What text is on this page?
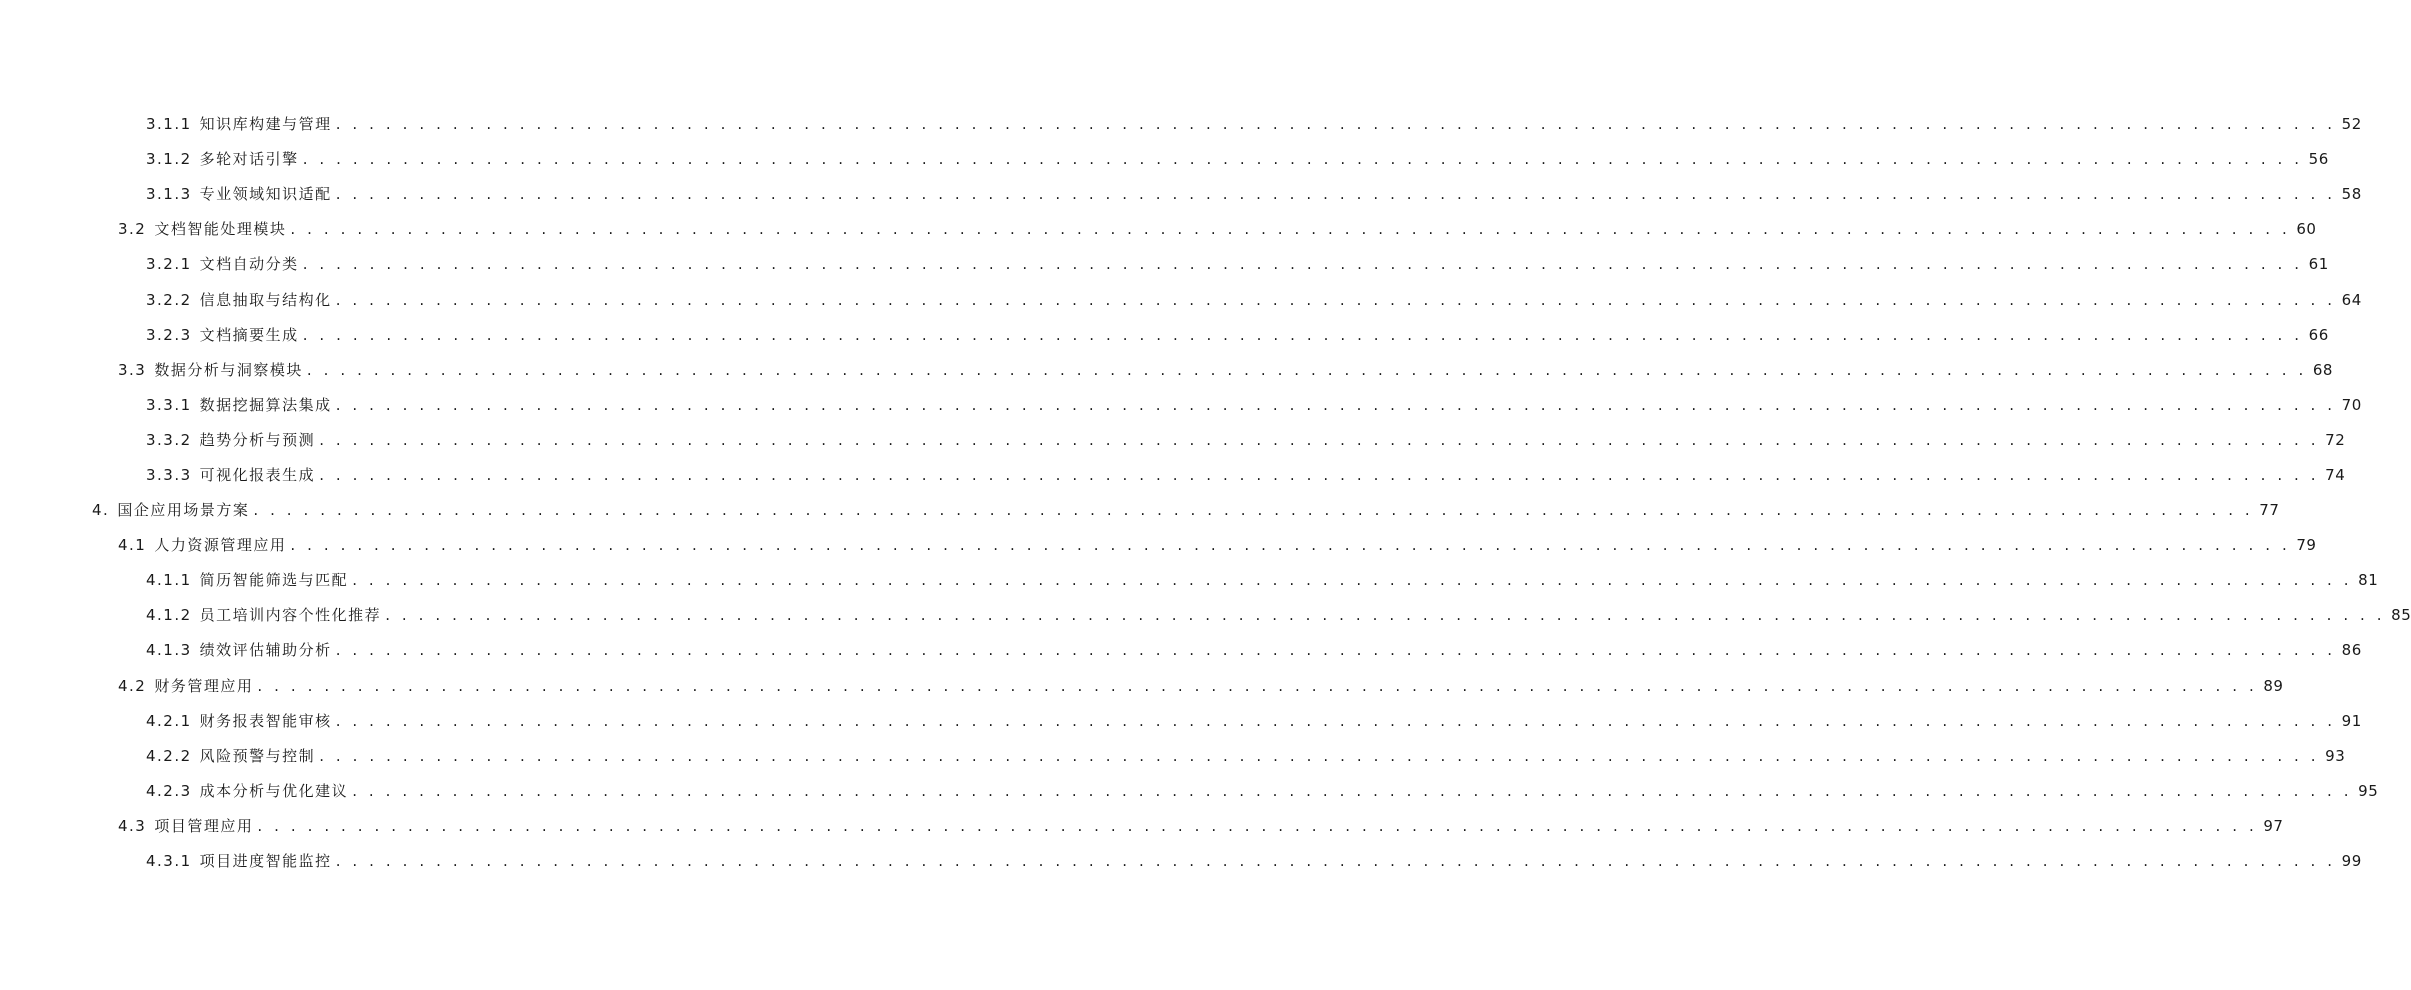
3.1.1 知识库构建与管理 . . . . . . . . . . . . . . . . . . . . . . . . . . . . . . . . . . . . . . . . . . . . . . . . . . . . . . . . . . . . . . . . . . . . . . . . . . . . . . . . . . . . . . . . . . . . . . . . . . . . . . . . . . . . . . . . . . . . . . . . 52
3.1.2 多轮对话引擎 . . . . . . . . . . . . . . . . . . . . . . . . . . . . . . . . . . . . . . . . . . . . . . . . . . . . . . . . . . . . . . . . . . . . . . . . . . . . . . . . . . . . . . . . . . . . . . . . . . . . . . . . . . . . . . . . . . . . . . . . 56
3.1.3 专业领域知识适配 . . . . . . . . . . . . . . . . . . . . . . . . . . . . . . . . . . . . . . . . . . . . . . . . . . . . . . . . . . . . . . . . . . . . . . . . . . . . . . . . . . . . . . . . . . . . . . . . . . . . . . . . . . . . . . . . . . . . . . . . 58
3.2 文档智能处理模块 . . . . . . . . . . . . . . . . . . . . . . . . . . . . . . . . . . . . . . . . . . . . . . . . . . . . . . . . . . . . . . . . . . . . . . . . . . . . . . . . . . . . . . . . . . . . . . . . . . . . . . . . . . . . . . . . . . . . . . . . 60
3.2.1 文档自动分类 . . . . . . . . . . . . . . . . . . . . . . . . . . . . . . . . . . . . . . . . . . . . . . . . . . . . . . . . . . . . . . . . . . . . . . . . . . . . . . . . . . . . . . . . . . . . . . . . . . . . . . . . . . . . . . . . . . . . . . . . 61
3.2.2 信息抽取与结构化 . . . . . . . . . . . . . . . . . . . . . . . . . . . . . . . . . . . . . . . . . . . . . . . . . . . . . . . . . . . . . . . . . . . . . . . . . . . . . . . . . . . . . . . . . . . . . . . . . . . . . . . . . . . . . . . . . . . . . . . . 64
3.2.3 文档摘要生成 . . . . . . . . . . . . . . . . . . . . . . . . . . . . . . . . . . . . . . . . . . . . . . . . . . . . . . . . . . . . . . . . . . . . . . . . . . . . . . . . . . . . . . . . . . . . . . . . . . . . . . . . . . . . . . . . . . . . . . . . 66
3.3 数据分析与洞察模块 . . . . . . . . . . . . . . . . . . . . . . . . . . . . . . . . . . . . . . . . . . . . . . . . . . . . . . . . . . . . . . . . . . . . . . . . . . . . . . . . . . . . . . . . . . . . . . . . . . . . . . . . . . . . . . . . . . . . . . . . 68
3.3.1 数据挖掘算法集成 . . . . . . . . . . . . . . . . . . . . . . . . . . . . . . . . . . . . . . . . . . . . . . . . . . . . . . . . . . . . . . . . . . . . . . . . . . . . . . . . . . . . . . . . . . . . . . . . . . . . . . . . . . . . . . . . . . . . . . . . 70
3.3.2 趋势分析与预测 . . . . . . . . . . . . . . . . . . . . . . . . . . . . . . . . . . . . . . . . . . . . . . . . . . . . . . . . . . . . . . . . . . . . . . . . . . . . . . . . . . . . . . . . . . . . . . . . . . . . . . . . . . . . . . . . . . . . . . . . 72
3.3.3 可视化报表生成 . . . . . . . . . . . . . . . . . . . . . . . . . . . . . . . . . . . . . . . . . . . . . . . . . . . . . . . . . . . . . . . . . . . . . . . . . . . . . . . . . . . . . . . . . . . . . . . . . . . . . . . . . . . . . . . . . . . . . . . . 74
4. 国企应用场景方案 . . . . . . . . . . . . . . . . . . . . . . . . . . . . . . . . . . . . . . . . . . . . . . . . . . . . . . . . . . . . . . . . . . . . . . . . . . . . . . . . . . . . . . . . . . . . . . . . . . . . . . . . . . . . . . . . . . . . . . . . 77
4.1 人力资源管理应用 . . . . . . . . . . . . . . . . . . . . . . . . . . . . . . . . . . . . . . . . . . . . . . . . . . . . . . . . . . . . . . . . . . . . . . . . . . . . . . . . . . . . . . . . . . . . . . . . . . . . . . . . . . . . . . . . . . . . . . . . 79
4.1.1 简历智能筛选与匹配 . . . . . . . . . . . . . . . . . . . . . . . . . . . . . . . . . . . . . . . . . . . . . . . . . . . . . . . . . . . . . . . . . . . . . . . . . . . . . . . . . . . . . . . . . . . . . . . . . . . . . . . . . . . . . . . . . . . . . . . . 81
4.1.2 员工培训内容个性化推荐 . . . . . . . . . . . . . . . . . . . . . . . . . . . . . . . . . . . . . . . . . . . . . . . . . . . . . . . . . . . . . . . . . . . . . . . . . . . . . . . . . . . . . . . . . . . . . . . . . . . . . . . . . . . . . . . . . . . . . . . . 85
4.1.3 绩效评估辅助分析 . . . . . . . . . . . . . . . . . . . . . . . . . . . . . . . . . . . . . . . . . . . . . . . . . . . . . . . . . . . . . . . . . . . . . . . . . . . . . . . . . . . . . . . . . . . . . . . . . . . . . . . . . . . . . . . . . . . . . . . . 86
4.2 财务管理应用 . . . . . . . . . . . . . . . . . . . . . . . . . . . . . . . . . . . . . . . . . . . . . . . . . . . . . . . . . . . . . . . . . . . . . . . . . . . . . . . . . . . . . . . . . . . . . . . . . . . . . . . . . . . . . . . . . . . . . . . . 89
4.2.1 财务报表智能审核 . . . . . . . . . . . . . . . . . . . . . . . . . . . . . . . . . . . . . . . . . . . . . . . . . . . . . . . . . . . . . . . . . . . . . . . . . . . . . . . . . . . . . . . . . . . . . . . . . . . . . . . . . . . . . . . . . . . . . . . . 91
4.2.2 风险预警与控制 . . . . . . . . . . . . . . . . . . . . . . . . . . . . . . . . . . . . . . . . . . . . . . . . . . . . . . . . . . . . . . . . . . . . . . . . . . . . . . . . . . . . . . . . . . . . . . . . . . . . . . . . . . . . . . . . . . . . . . . . 93
4.2.3 成本分析与优化建议 . . . . . . . . . . . . . . . . . . . . . . . . . . . . . . . . . . . . . . . . . . . . . . . . . . . . . . . . . . . . . . . . . . . . . . . . . . . . . . . . . . . . . . . . . . . . . . . . . . . . . . . . . . . . . . . . . . . . . . . . 95
4.3 项目管理应用 . . . . . . . . . . . . . . . . . . . . . . . . . . . . . . . . . . . . . . . . . . . . . . . . . . . . . . . . . . . . . . . . . . . . . . . . . . . . . . . . . . . . . . . . . . . . . . . . . . . . . . . . . . . . . . . . . . . . . . . . 97
4.3.1 项目进度智能监控 . . . . . . . . . . . . . . . . . . . . . . . . . . . . . . . . . . . . . . . . . . . . . . . . . . . . . . . . . . . . . . . . . . . . . . . . . . . . . . . . . . . . . . . . . . . . . . . . . . . . . . . . . . . . . . . . . . . . . . . . 99
